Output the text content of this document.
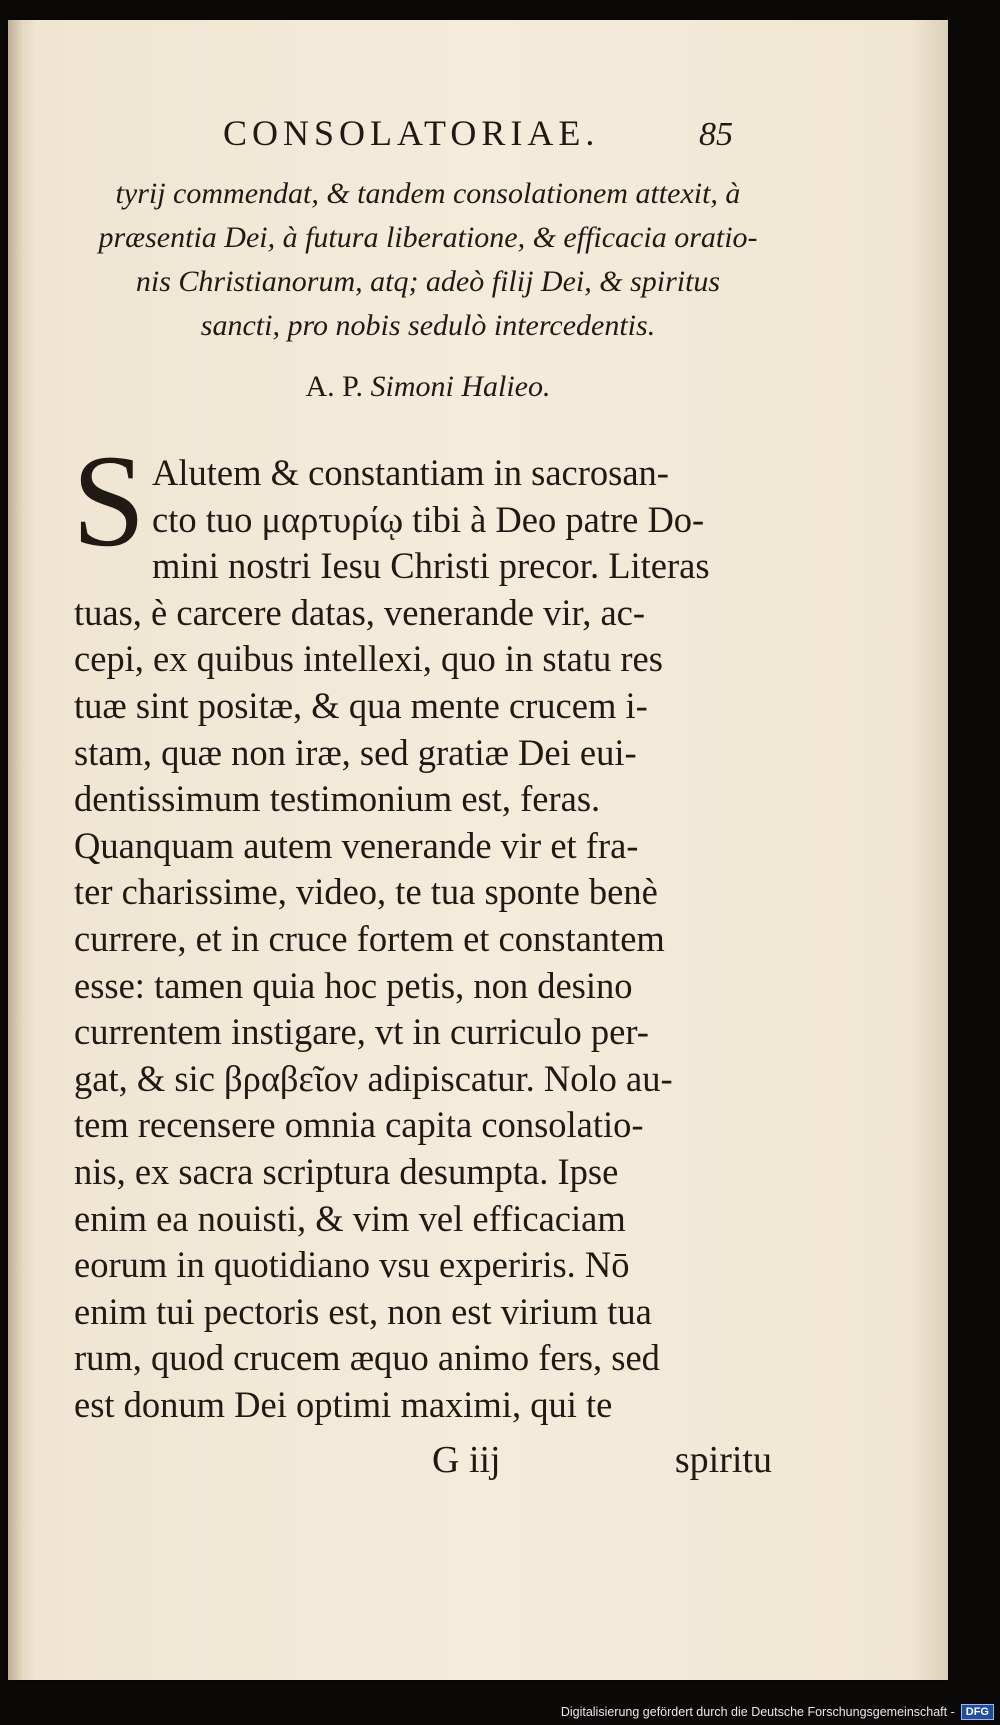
CONSOLATORIAE.	85
tyrij commendat, & tandem consolationem attexit, à
præsentia Dei, à futura liberatione, & efficacia oratio-
nis Christianorum, atq; adeò filij Dei, & spiritus
sancti, pro nobis sedulò intercedentis.
A. P. Simoni Halieo.
S Alutem & constantiam in sacrosan-
cto tuo μαρτυρίῳ tibi à Deo patre Do-
mini nostri Iesu Christi precor. Literas
tuas, è carcere datas, venerande vir, ac-
cepi, ex quibus intellexi, quo in statu res
tuæ sint positæ, & qua mente crucem i-
stam, quæ non iræ, sed gratiæ Dei eui-
dentissimum testimonium est, feras.
Quanquam autem venerande vir et fra-
ter charissime, video, te tua sponte benè
currere, et in cruce fortem et constantem
esse: tamen quia hoc petis, non desino
currentem instigare, vt in curriculo per-
gat, & sic βραβεῖον adipiscatur. Nolo au-
tem recensere omnia capita consolatio-
nis, ex sacra scriptura desumpta. Ipse
enim ea nouisti, & vim vel efficaciam
eorum in quotidiano vsu experiris. Nō
enim tui pectoris est, non est virium tua
rum, quod crucem æquo animo fers, sed
est donum Dei optimi maximi, qui te
G iij	spiritu
Digitalisierung gefördert durch die Deutsche Forschungsgemeinschaft -	DFG
